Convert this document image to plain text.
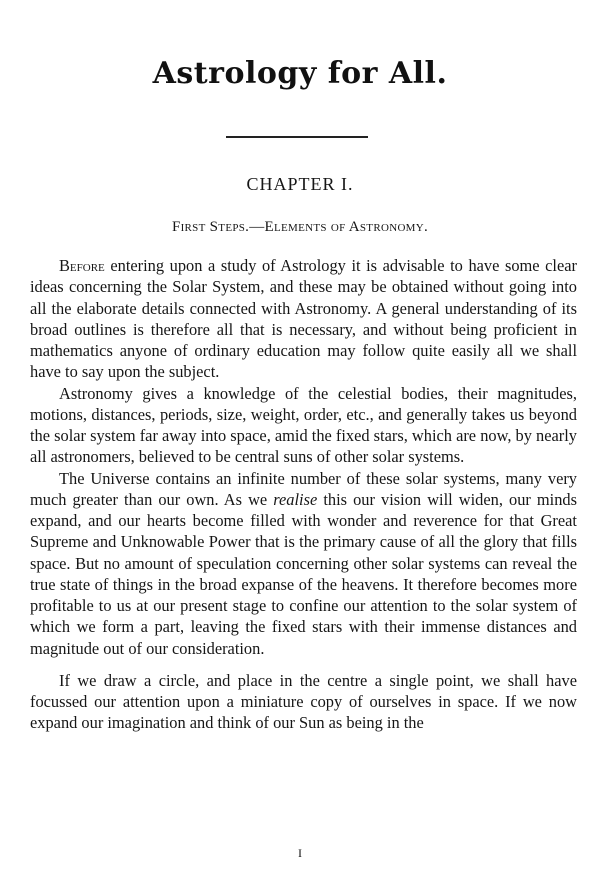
Astrology for All.
CHAPTER I.
First Steps.—Elements of Astronomy.

Before entering upon a study of Astrology it is advisable to have some clear ideas concerning the Solar System, and these may be obtained without going into all the elaborate details connected with Astronomy. A general understanding of its broad outlines is therefore all that is necessary, and without being proficient in mathematics anyone of ordinary education may follow quite easily all we shall have to say upon the subject.

Astronomy gives a knowledge of the celestial bodies, their magnitudes, motions, distances, periods, size, weight, order, etc., and generally takes us beyond the solar system far away into space, amid the fixed stars, which are now, by nearly all astronomers, believed to be central suns of other solar systems.

The Universe contains an infinite number of these solar systems, many very much greater than our own. As we realise this our vision will widen, our minds expand, and our hearts become filled with wonder and reverence for that Great Supreme and Unknowable Power that is the primary cause of all the glory that fills space. But no amount of speculation concerning other solar systems can reveal the true state of things in the broad expanse of the heavens. It therefore becomes more profitable to us at our present stage to confine our attention to the solar system of which we form a part, leaving the fixed stars with their immense distances and magnitude out of our consideration.

If we draw a circle, and place in the centre a single point, we shall have focussed our attention upon a miniature copy of ourselves in space. If we now expand our imagination and think of our Sun as being in the

I
